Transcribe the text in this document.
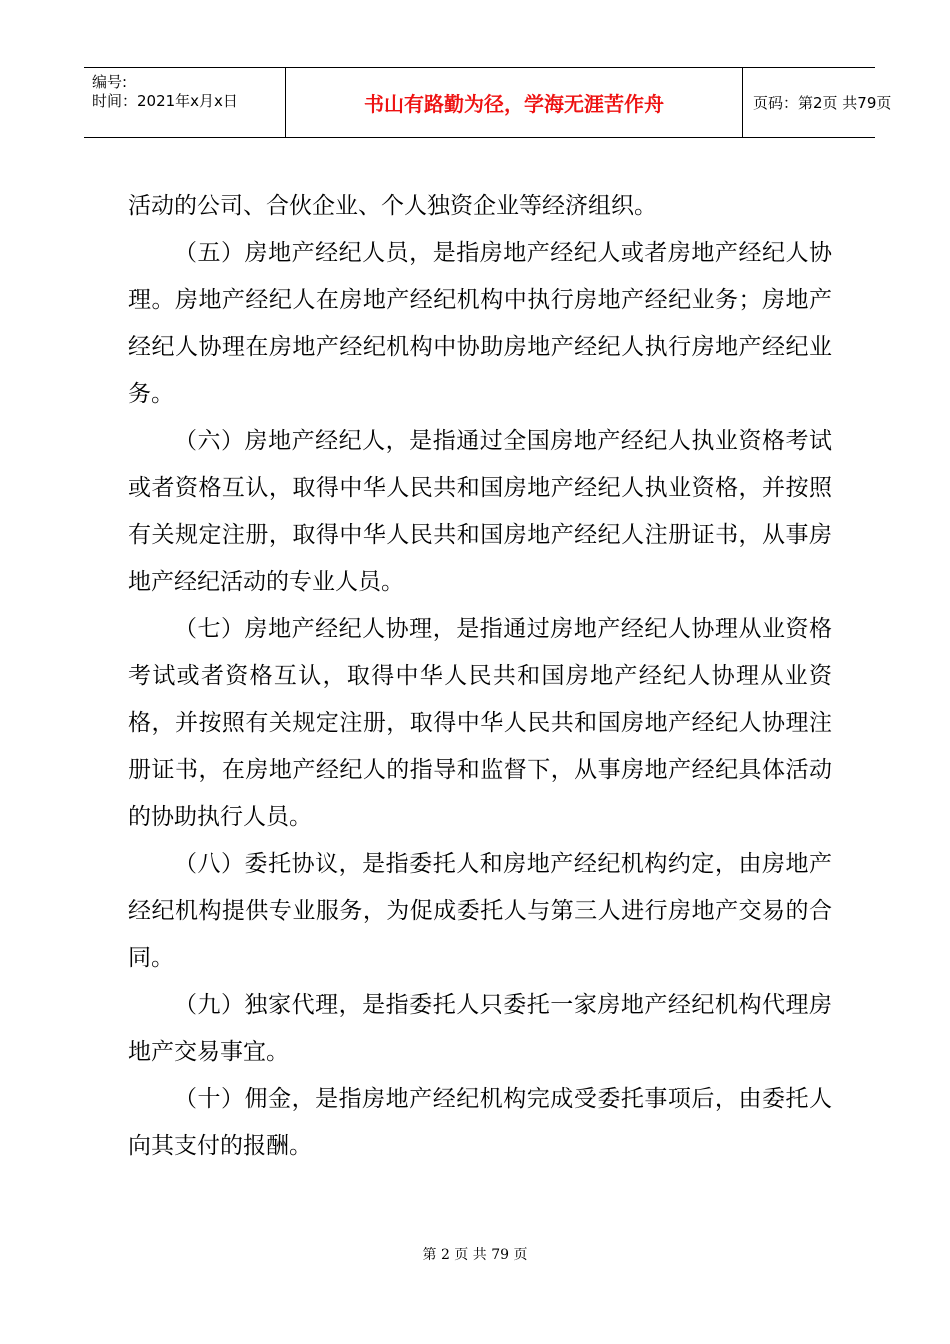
编号:
时间：2021年x月x日	书山有路勤为径，学海无涯苦作舟	页码：第2页 共79页

活动的公司、合伙企业、个人独资企业等经济组织。

（五）房地产经纪人员，是指房地产经纪人或者房地产经纪人协理。房地产经纪人在房地产经纪机构中执行房地产经纪业务；房地产经纪人协理在房地产经纪机构中协助房地产经纪人执行房地产经纪业务。

（六）房地产经纪人，是指通过全国房地产经纪人执业资格考试或者资格互认，取得中华人民共和国房地产经纪人执业资格，并按照有关规定注册，取得中华人民共和国房地产经纪人注册证书，从事房地产经纪活动的专业人员。

（七）房地产经纪人协理，是指通过房地产经纪人协理从业资格考试或者资格互认，取得中华人民共和国房地产经纪人协理从业资格，并按照有关规定注册，取得中华人民共和国房地产经纪人协理注册证书，在房地产经纪人的指导和监督下，从事房地产经纪具体活动的协助执行人员。

（八）委托协议，是指委托人和房地产经纪机构约定，由房地产经纪机构提供专业服务，为促成委托人与第三人进行房地产交易的合同。

（九）独家代理，是指委托人只委托一家房地产经纪机构代理房地产交易事宜。

（十）佣金，是指房地产经纪机构完成受委托事项后，由委托人向其支付的报酬。

第 2 页 共 79 页
